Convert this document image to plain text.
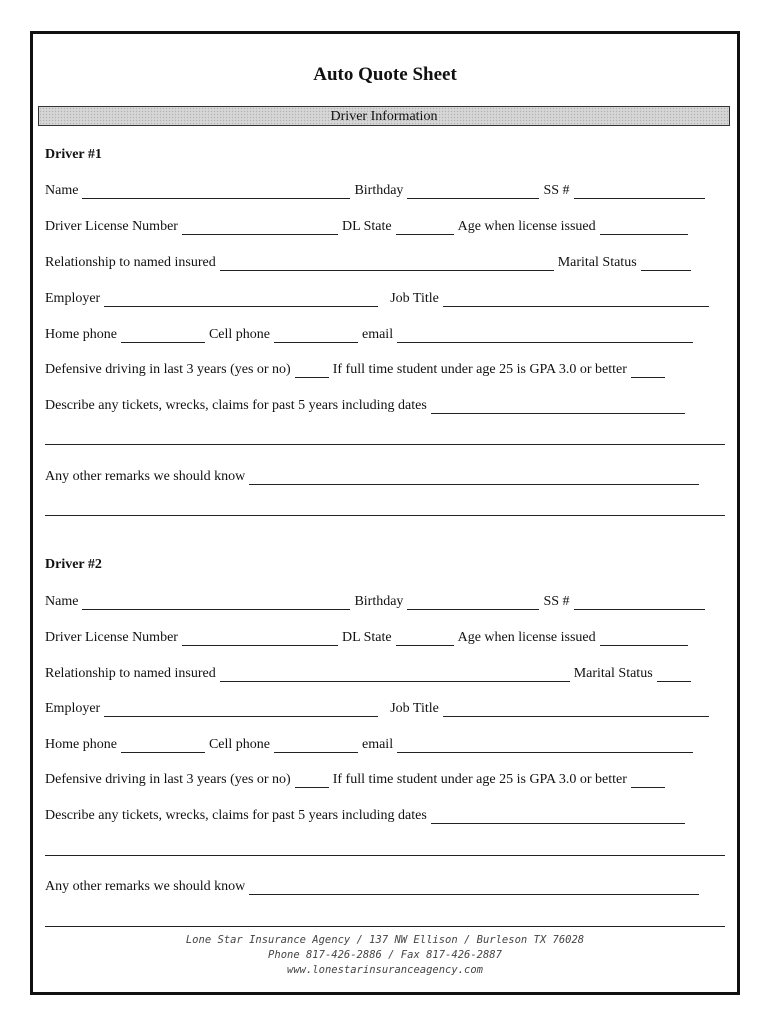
Auto Quote Sheet
Driver Information
Driver #1
Name	Birthday	SS #
Driver License Number	DL State	Age when license issued
Relationship to named insured	Marital Status
Employer	Job Title
Home phone	Cell phone	email
Defensive driving in last 3 years (yes or no)	If full time student under age 25 is GPA 3.0 or better
Describe any tickets, wrecks, claims for past 5 years including dates
Any other remarks we should know
Driver #2
Name	Birthday	SS #
Driver License Number	DL State	Age when license issued
Relationship to named insured	Marital Status
Employer	Job Title
Home phone	Cell phone	email
Defensive driving in last 3 years (yes or no)	If full time student under age 25 is GPA 3.0 or better
Describe any tickets, wrecks, claims for past 5 years including dates
Any other remarks we should know
Lone Star Insurance Agency / 137 NW Ellison / Burleson TX 76028
Phone 817-426-2886 / Fax 817-426-2887
www.lonestarinsuranceagency.com
